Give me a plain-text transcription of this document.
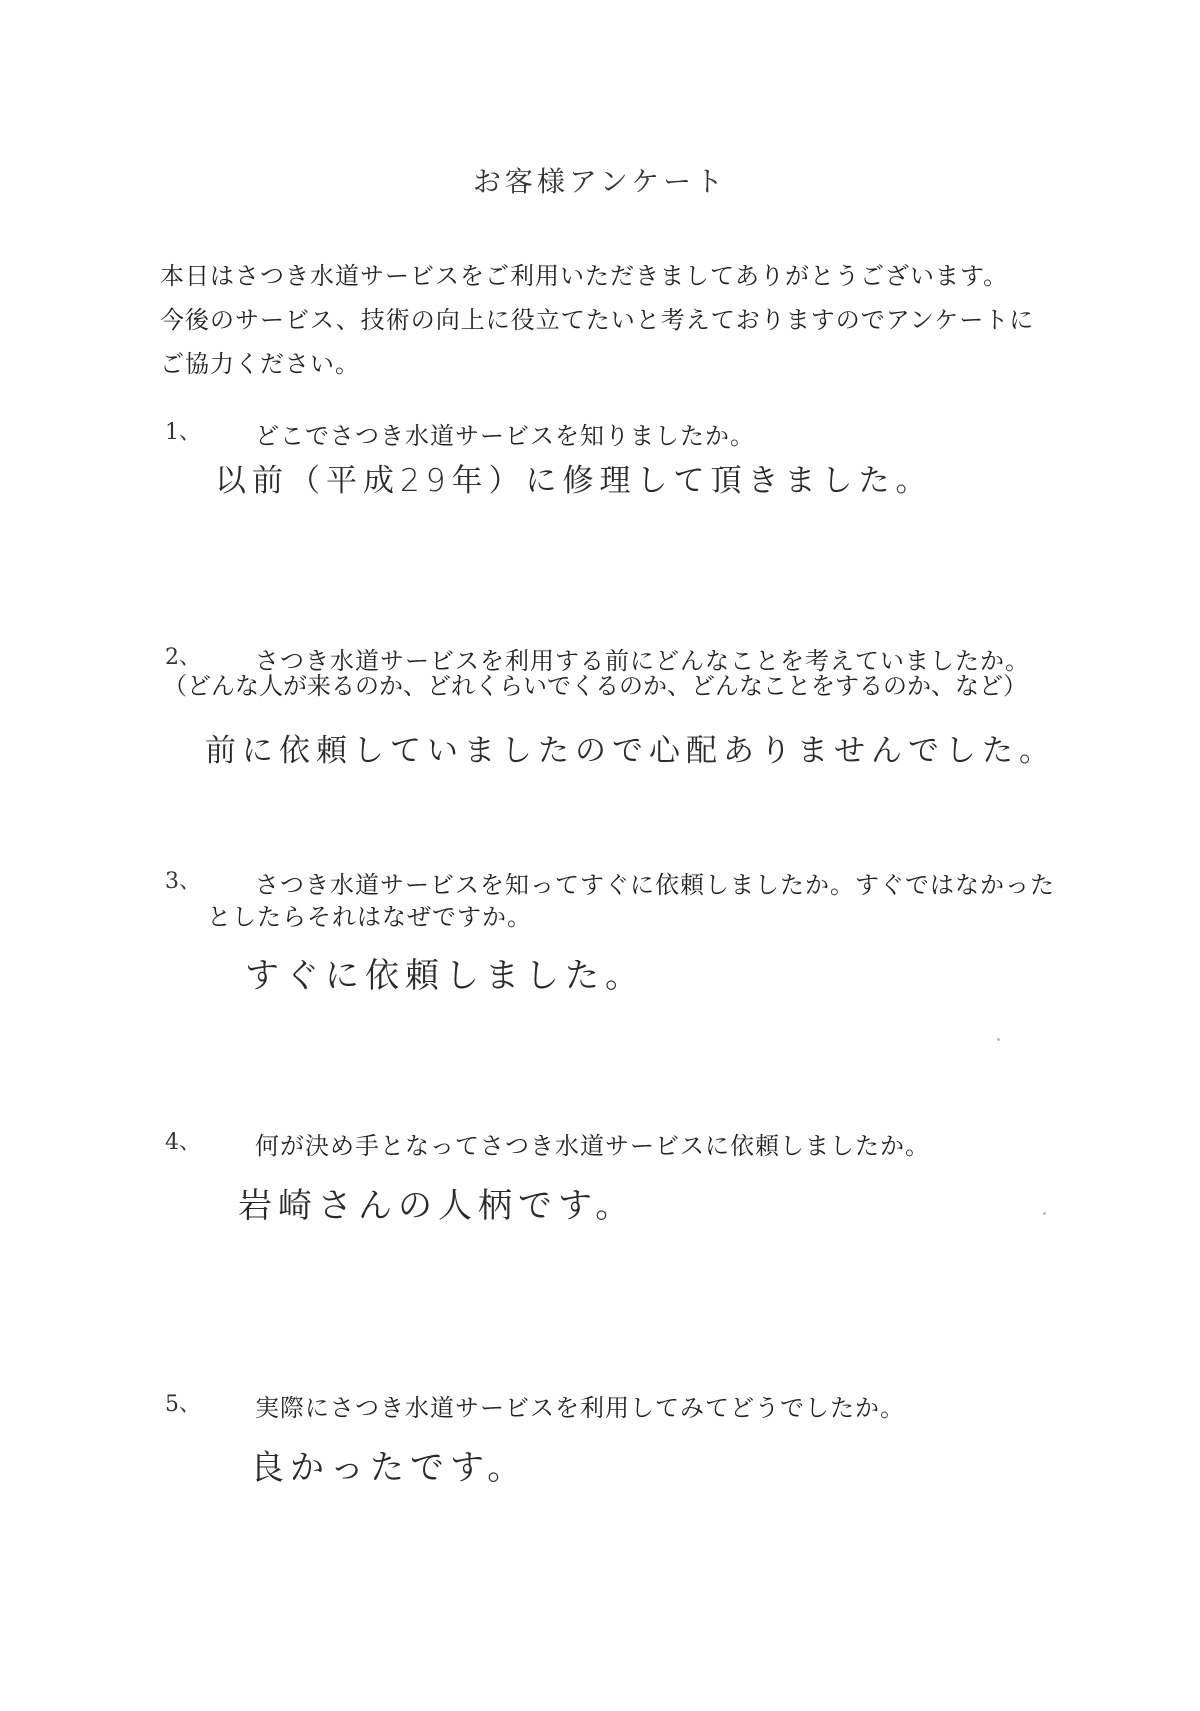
お客様アンケート
本日はさつき水道サービスをご利用いただきましてありがとうございます。
今後のサービス、技術の向上に役立てたいと考えておりますのでアンケートに
ご協力ください。
1、 どこでさつき水道サービスを知りましたか。
以前（平成29年）に修理して頂きました。
2、 さつき水道サービスを利用する前にどんなことを考えていましたか。
（どんな人が来るのか、どれくらいでくるのか、どんなことをするのか、など）
前に依頼していましたので心配ありませんでした。
3、 さつき水道サービスを知ってすぐに依頼しましたか。すぐではなかった
としたらそれはなぜですか。
すぐに依頼しました。
4、 何が決め手となってさつき水道サービスに依頼しましたか。
岩崎さんの人柄です。
5、 実際にさつき水道サービスを利用してみてどうでしたか。
良かったです。
